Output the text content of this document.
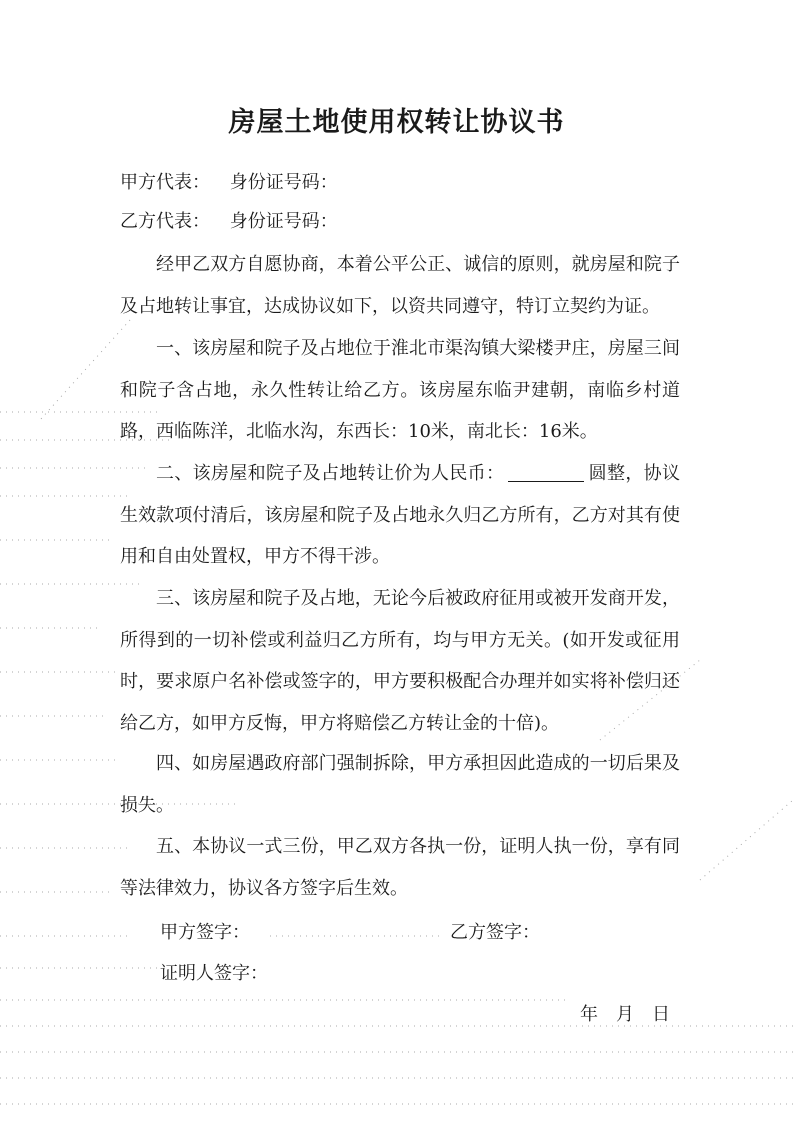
房屋土地使用权转让协议书
甲方代表： 身份证号码：
乙方代表： 身份证号码：
经甲乙双方自愿协商，本着公平公正、诚信的原则，就房屋和院子及占地转让事宜，达成协议如下，以资共同遵守，特订立契约为证。
一、该房屋和院子及占地位于淮北市渠沟镇大梁楼尹庄，房屋三间和院子含占地，永久性转让给乙方。该房屋东临尹建朝，南临乡村道路，西临陈洋，北临水沟，东西长：10米，南北长：16米。
二、该房屋和院子及占地转让价为人民币：	圆整，协议生效款项付清后，该房屋和院子及占地永久归乙方所有，乙方对其有使用和自由处置权，甲方不得干涉。
三、该房屋和院子及占地，无论今后被政府征用或被开发商开发，所得到的一切补偿或利益归乙方所有，均与甲方无关。(如开发或征用时，要求原户名补偿或签字的，甲方要积极配合办理并如实将补偿归还给乙方，如甲方反悔，甲方将赔偿乙方转让金的十倍)。
四、如房屋遇政府部门强制拆除，甲方承担因此造成的一切后果及损失。
五、本协议一式三份，甲乙双方各执一份，证明人执一份，享有同等法律效力，协议各方签字后生效。
甲方签字：	乙方签字：
证明人签字：
年　月　日
